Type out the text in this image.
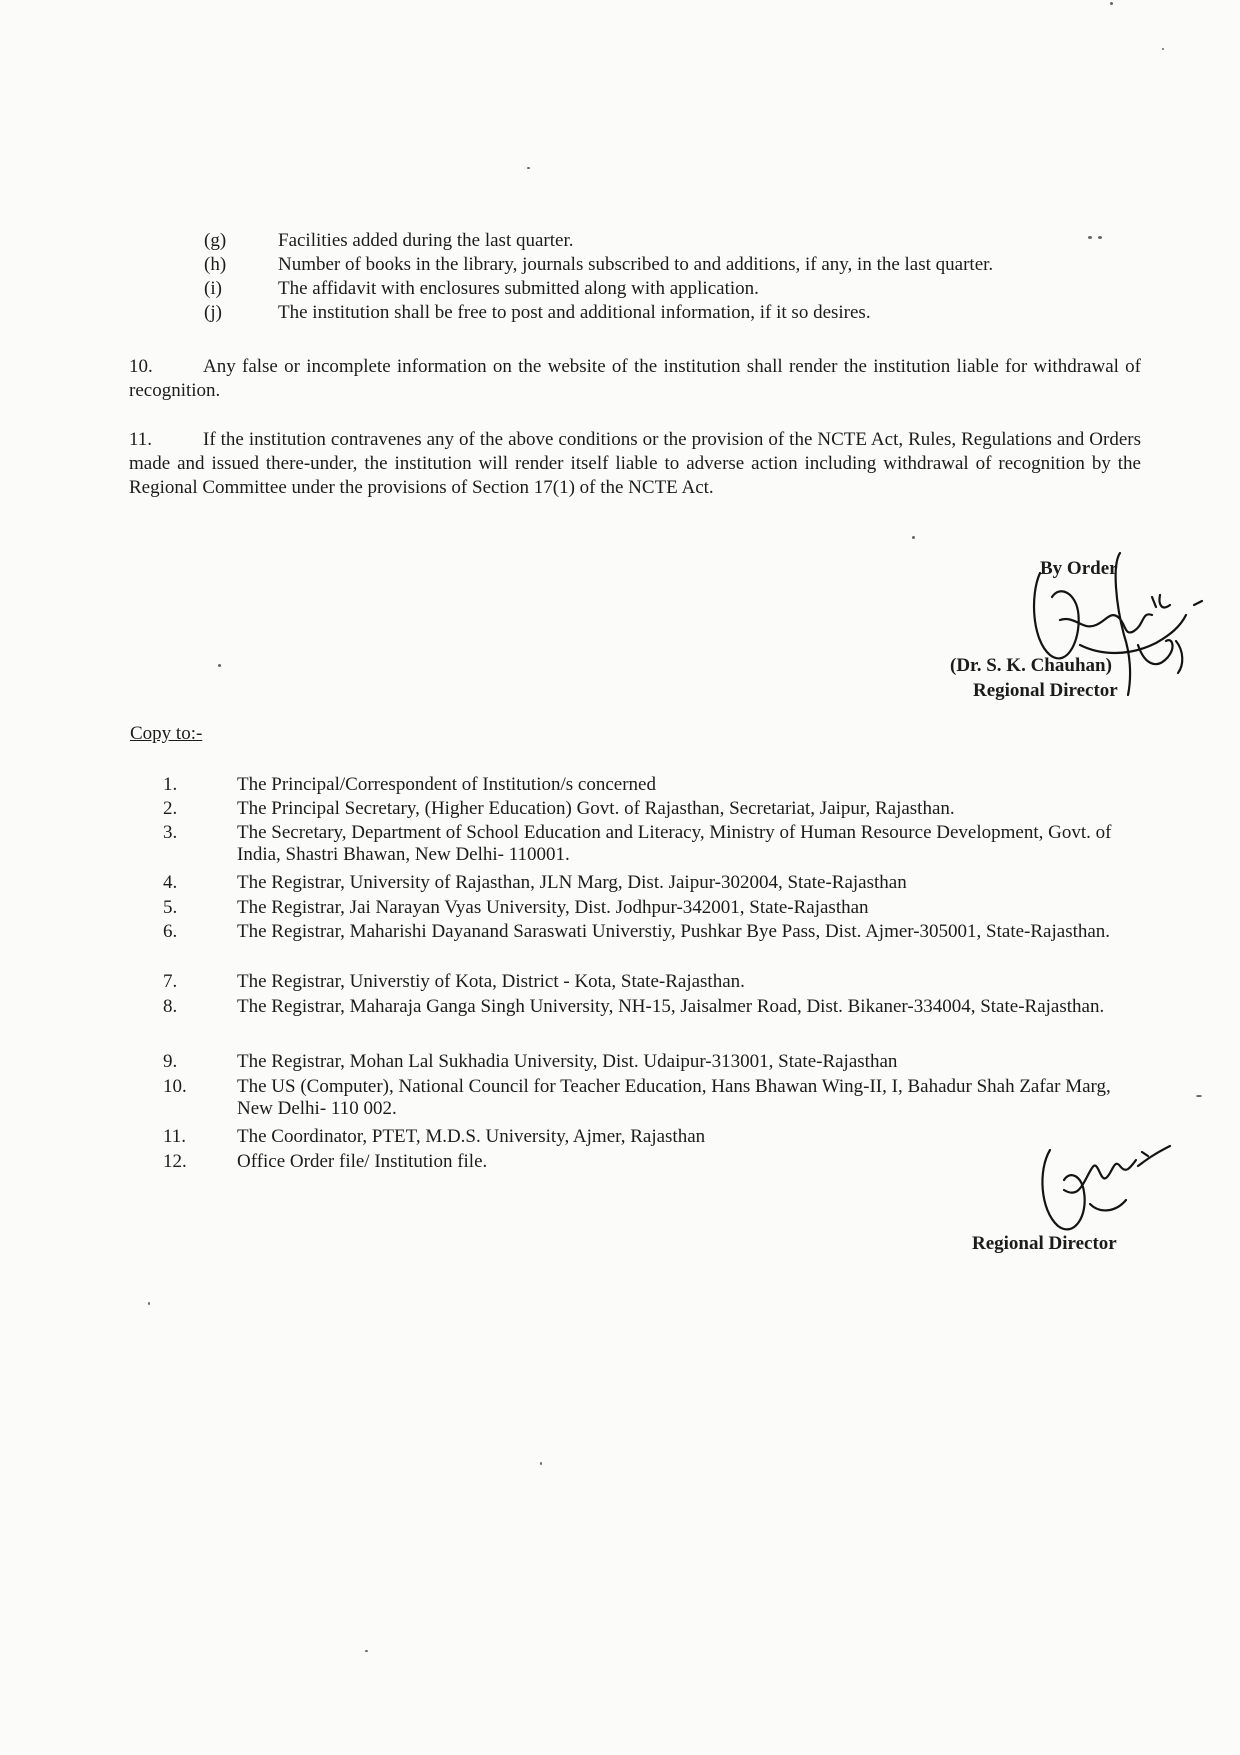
(g)	Facilities added during the last quarter.
(h)	Number of books in the library, journals subscribed to and additions, if any, in the last quarter.
(i)	The affidavit with enclosures submitted along with application.
(j)	The institution shall be free to post and additional information, if it so desires.
10.	Any false or incomplete information on the website of the institution shall render the institution liable for withdrawal of recognition.
11.	If the institution contravenes any of the above conditions or the provision of the NCTE Act, Rules, Regulations and Orders made and issued there-under, the institution will render itself liable to adverse action including withdrawal of recognition by the Regional Committee under the provisions of Section 17(1) of the NCTE Act.
By Order
(Dr. S. K. Chauhan)
Regional Director
Copy to:-
1.	The Principal/Correspondent of Institution/s concerned
2.	The Principal Secretary, (Higher Education) Govt. of Rajasthan, Secretariat, Jaipur, Rajasthan.
3.	The Secretary, Department of School Education and Literacy, Ministry of Human Resource Development, Govt. of India, Shastri Bhawan, New Delhi- 110001.
4.	The Registrar, University of Rajasthan, JLN Marg, Dist. Jaipur-302004, State-Rajasthan
5.	The Registrar, Jai Narayan Vyas University, Dist. Jodhpur-342001, State-Rajasthan
6.	The Registrar, Maharishi Dayanand Saraswati Universtiy, Pushkar Bye Pass, Dist. Ajmer-305001, State-Rajasthan.
7.	The Registrar, Universtiy of Kota, District - Kota, State-Rajasthan.
8.	The Registrar, Maharaja Ganga Singh University, NH-15, Jaisalmer Road, Dist. Bikaner-334004, State-Rajasthan.
9.	The Registrar, Mohan Lal Sukhadia University, Dist. Udaipur-313001, State-Rajasthan
10.	The US (Computer), National Council for Teacher Education, Hans Bhawan Wing-II, I, Bahadur Shah Zafar Marg, New Delhi- 110 002.
11.	The Coordinator, PTET, M.D.S. University, Ajmer, Rajasthan
12.	Office Order file/ Institution file.
Regional Director
